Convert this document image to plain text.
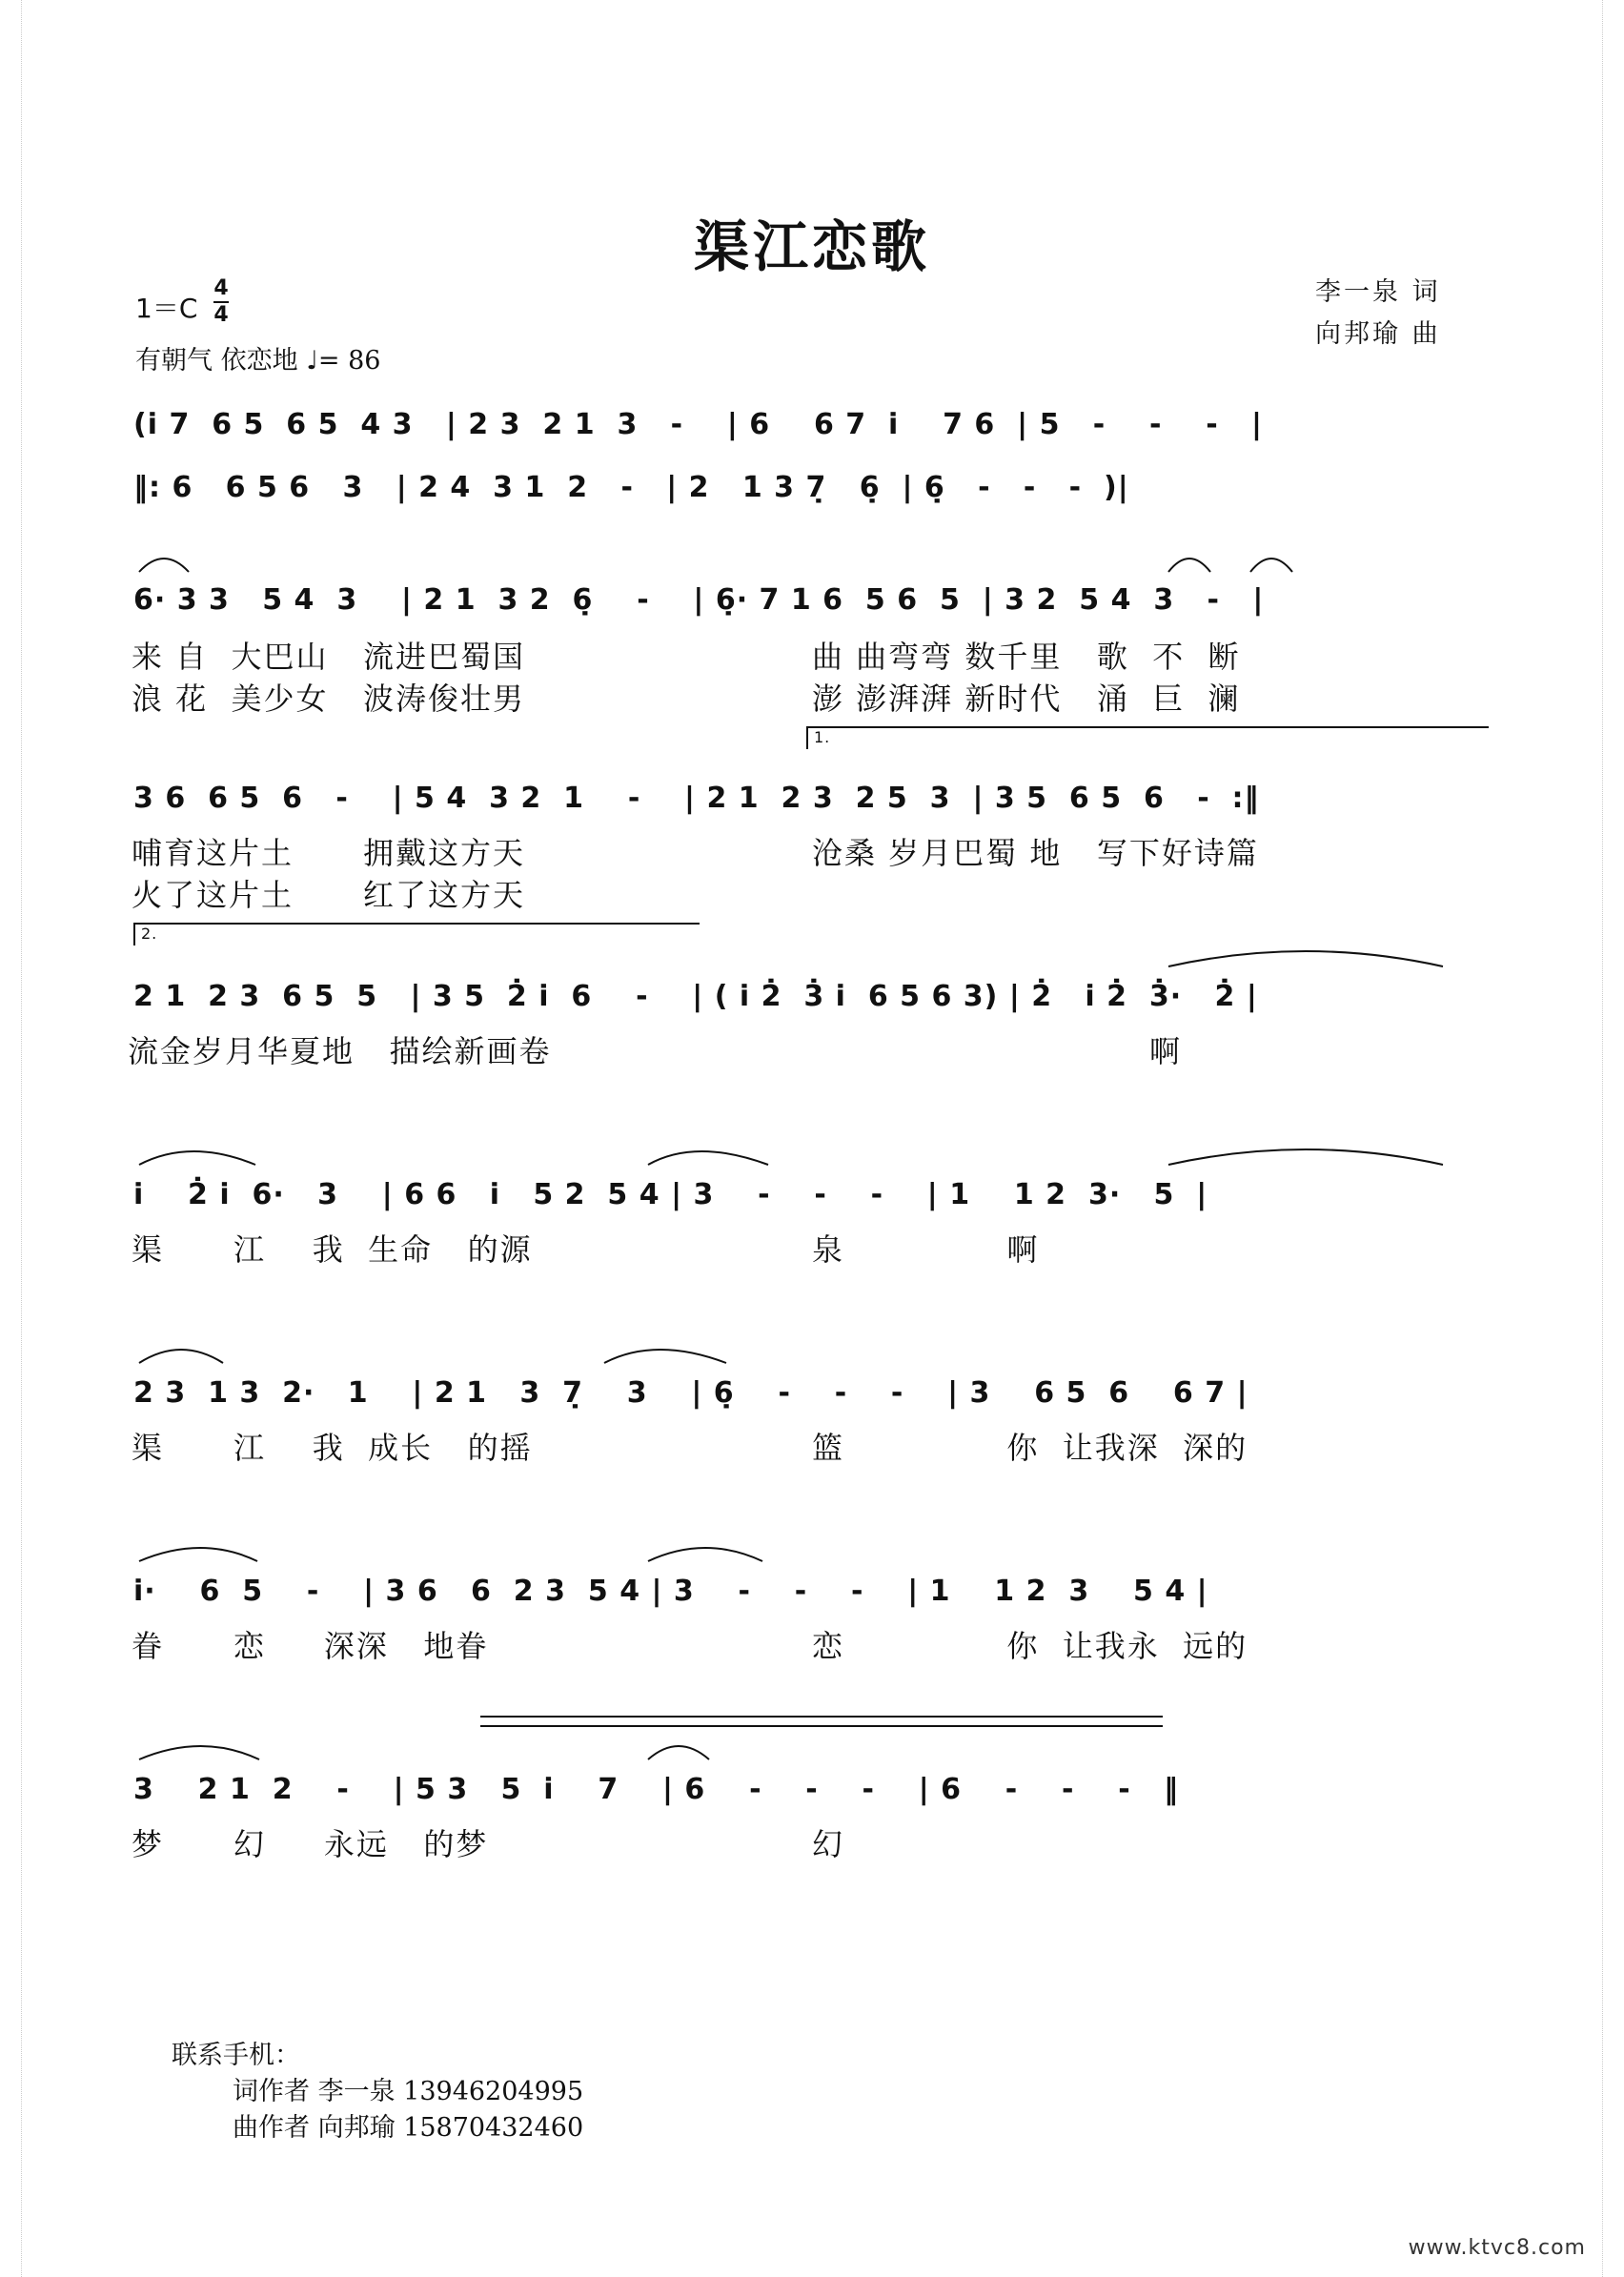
渠江恋歌
李一泉 词
向邦瑜 曲
1＝C
4
4
有朝气 依恋地 ♩= 86
(i̇ 7  6 5  6 5  4 3   | 2 3  2 1  3   -    | 6    6 7  i̇    7 6  | 5   -    -    -   |
‖: 6   6 5 6   3   | 2 4  3 1  2   -   | 2   1 3 7̣   6̣  | 6̣   -   -   -  )|
6· 3 3   5 4  3    | 2 1  3 2  6̣    -    | 6̣· 7 1 6  5 6  5  | 3 2  5 4  3   -   |
来 自  大巴山   流进巴蜀国	曲 曲弯弯 数千里   歌  不  断
浪 花  美少女   波涛俊壮男	澎 澎湃湃 新时代   涌  巨  澜
3 6  6 5  6   -    | 5 4  3 2  1    -    | 2 1  2 3  2 5  3  | 3 5  6 5  6   -  :‖
哺育这片土      拥戴这方天	沧桑 岁月巴蜀 地   写下好诗篇
火了这片土      红了这方天
1.
2.
2 1  2 3  6 5  5   | 3 5  2̇ i̇  6    -    | ( i̇ 2̇  3̇ i̇  6 5 6 3) | 2̇   i̇ 2̇  3̇·   2̇ |
流金岁月华夏地   描绘新画卷	啊
i̇    2̇ i̇  6·   3    | 6 6   i̇   5 2  5 4 | 3    -    -    -    | 1    1 2  3·   5  |
渠      江    我  生命   的源	泉              啊
2 3  1 3  2·   1    | 2 1   3  7̣    3    | 6̣    -    -    -    | 3    6 5  6    6 7 |
渠      江    我  成长   的摇	篮              你  让我深  深的
i̇·    6  5    -    | 3 6   6  2 3  5 4 | 3    -    -    -    | 1    1 2  3    5 4 |
眷      恋     深深   地眷	恋              你  让我永  远的
3    2 1  2    -    | 5 3   5  i̇    7    | 6    -    -    -    | 6    -    -    -   ‖
梦      幻     永远   的梦	幻
联系手机：
词作者 李一泉 13946204995
曲作者 向邦瑜 15870432460
www.ktvc8.com
